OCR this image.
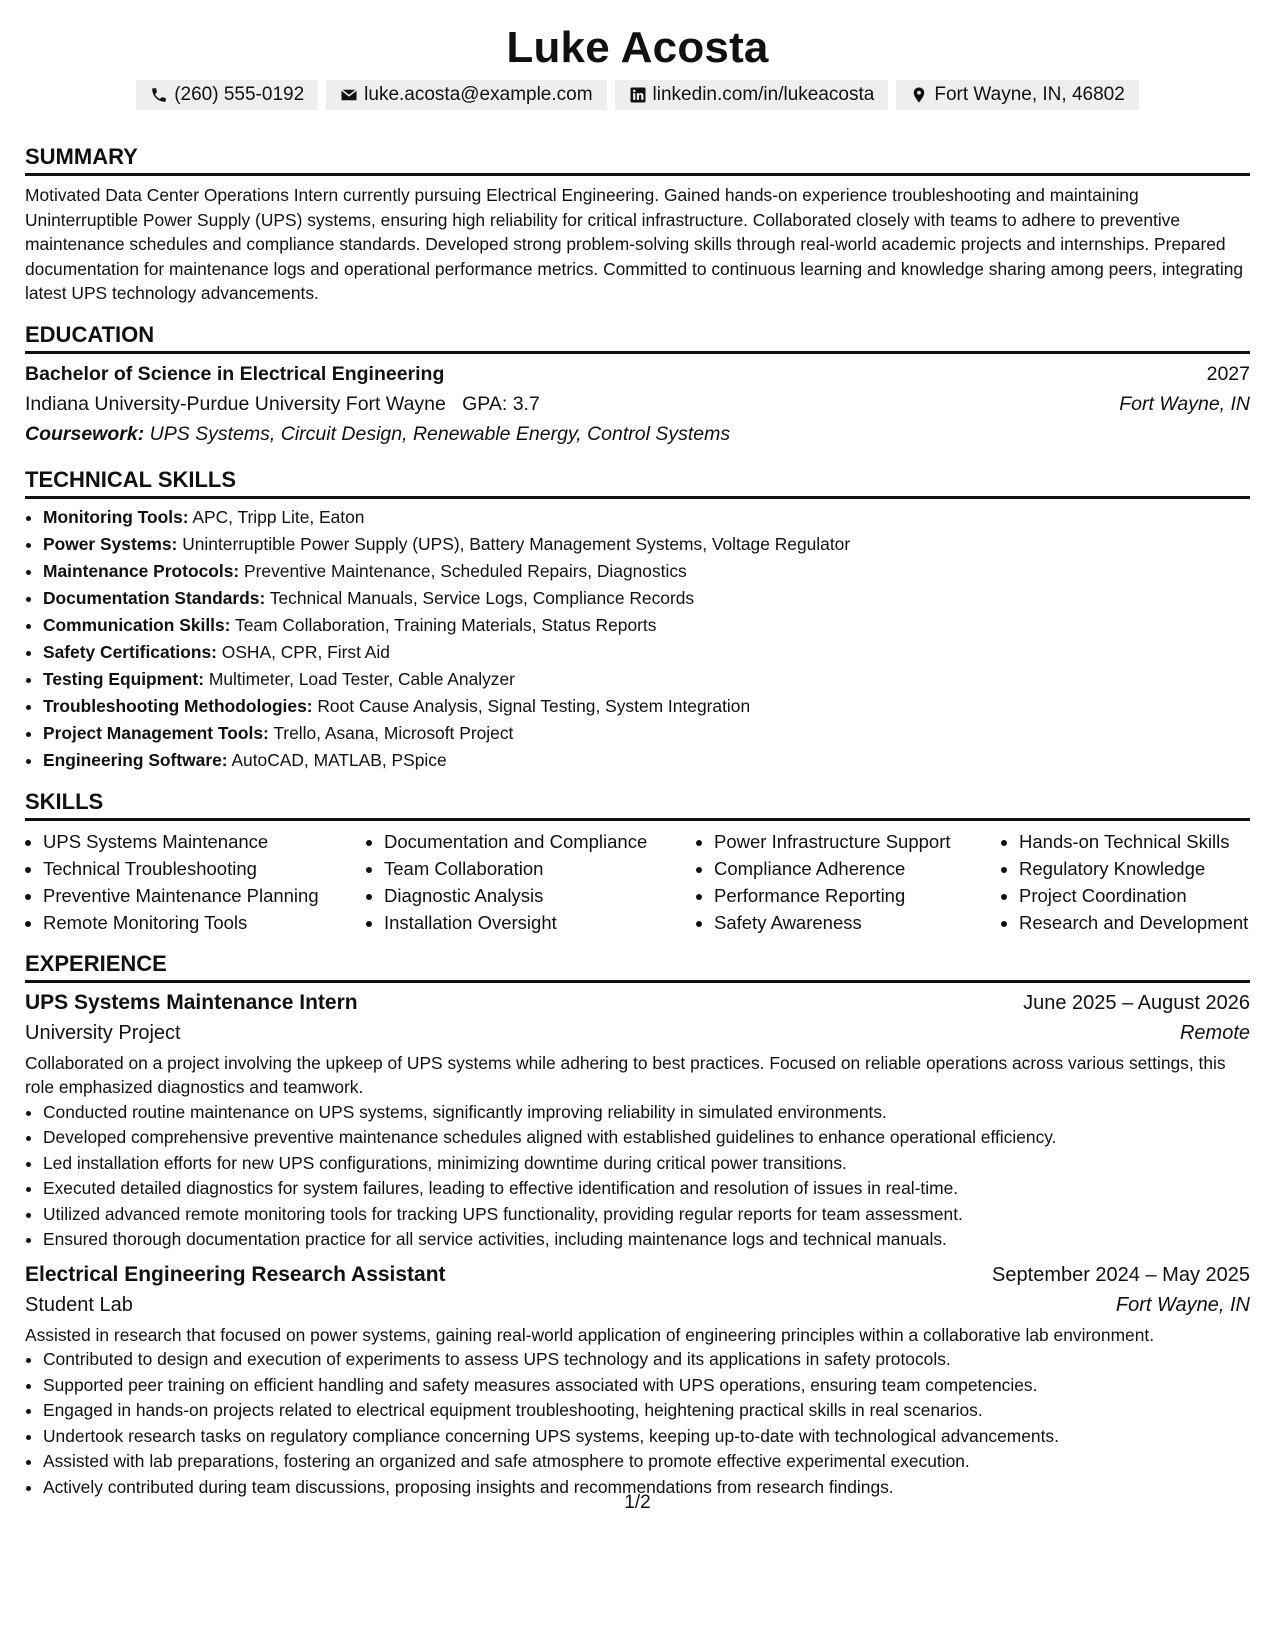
Luke Acosta
(260) 555-0192	luke.acosta@example.com	linkedin.com/in/lukeacosta	Fort Wayne, IN, 46802
SUMMARY
Motivated Data Center Operations Intern currently pursuing Electrical Engineering. Gained hands-on experience troubleshooting and maintaining Uninterruptible Power Supply (UPS) systems, ensuring high reliability for critical infrastructure. Collaborated closely with teams to adhere to preventive maintenance schedules and compliance standards. Developed strong problem-solving skills through real-world academic projects and internships. Prepared documentation for maintenance logs and operational performance metrics. Committed to continuous learning and knowledge sharing among peers, integrating latest UPS technology advancements.
EDUCATION
Bachelor of Science in Electrical Engineering	2027
Indiana University-Purdue University Fort Wayne GPA: 3.7	Fort Wayne, IN
Coursework: UPS Systems, Circuit Design, Renewable Energy, Control Systems
TECHNICAL SKILLS
• Monitoring Tools: APC, Tripp Lite, Eaton
• Power Systems: Uninterruptible Power Supply (UPS), Battery Management Systems, Voltage Regulator
• Maintenance Protocols: Preventive Maintenance, Scheduled Repairs, Diagnostics
• Documentation Standards: Technical Manuals, Service Logs, Compliance Records
• Communication Skills: Team Collaboration, Training Materials, Status Reports
• Safety Certifications: OSHA, CPR, First Aid
• Testing Equipment: Multimeter, Load Tester, Cable Analyzer
• Troubleshooting Methodologies: Root Cause Analysis, Signal Testing, System Integration
• Project Management Tools: Trello, Asana, Microsoft Project
• Engineering Software: AutoCAD, MATLAB, PSpice
SKILLS
• UPS Systems Maintenance
• Technical Troubleshooting
• Preventive Maintenance Planning
• Remote Monitoring Tools
• Documentation and Compliance
• Team Collaboration
• Diagnostic Analysis
• Installation Oversight
• Power Infrastructure Support
• Compliance Adherence
• Performance Reporting
• Safety Awareness
• Hands-on Technical Skills
• Regulatory Knowledge
• Project Coordination
• Research and Development
EXPERIENCE
UPS Systems Maintenance Intern	June 2025 – August 2026
University Project	Remote
Collaborated on a project involving the upkeep of UPS systems while adhering to best practices. Focused on reliable operations across various settings, this role emphasized diagnostics and teamwork.
• Conducted routine maintenance on UPS systems, significantly improving reliability in simulated environments.
• Developed comprehensive preventive maintenance schedules aligned with established guidelines to enhance operational efficiency.
• Led installation efforts for new UPS configurations, minimizing downtime during critical power transitions.
• Executed detailed diagnostics for system failures, leading to effective identification and resolution of issues in real-time.
• Utilized advanced remote monitoring tools for tracking UPS functionality, providing regular reports for team assessment.
• Ensured thorough documentation practice for all service activities, including maintenance logs and technical manuals.
Electrical Engineering Research Assistant	September 2024 – May 2025
Student Lab	Fort Wayne, IN
Assisted in research that focused on power systems, gaining real-world application of engineering principles within a collaborative lab environment.
• Contributed to design and execution of experiments to assess UPS technology and its applications in safety protocols.
• Supported peer training on efficient handling and safety measures associated with UPS operations, ensuring team competencies.
• Engaged in hands-on projects related to electrical equipment troubleshooting, heightening practical skills in real scenarios.
• Undertook research tasks on regulatory compliance concerning UPS systems, keeping up-to-date with technological advancements.
• Assisted with lab preparations, fostering an organized and safe atmosphere to promote effective experimental execution.
• Actively contributed during team discussions, proposing insights and recommendations from research findings.
1/2
